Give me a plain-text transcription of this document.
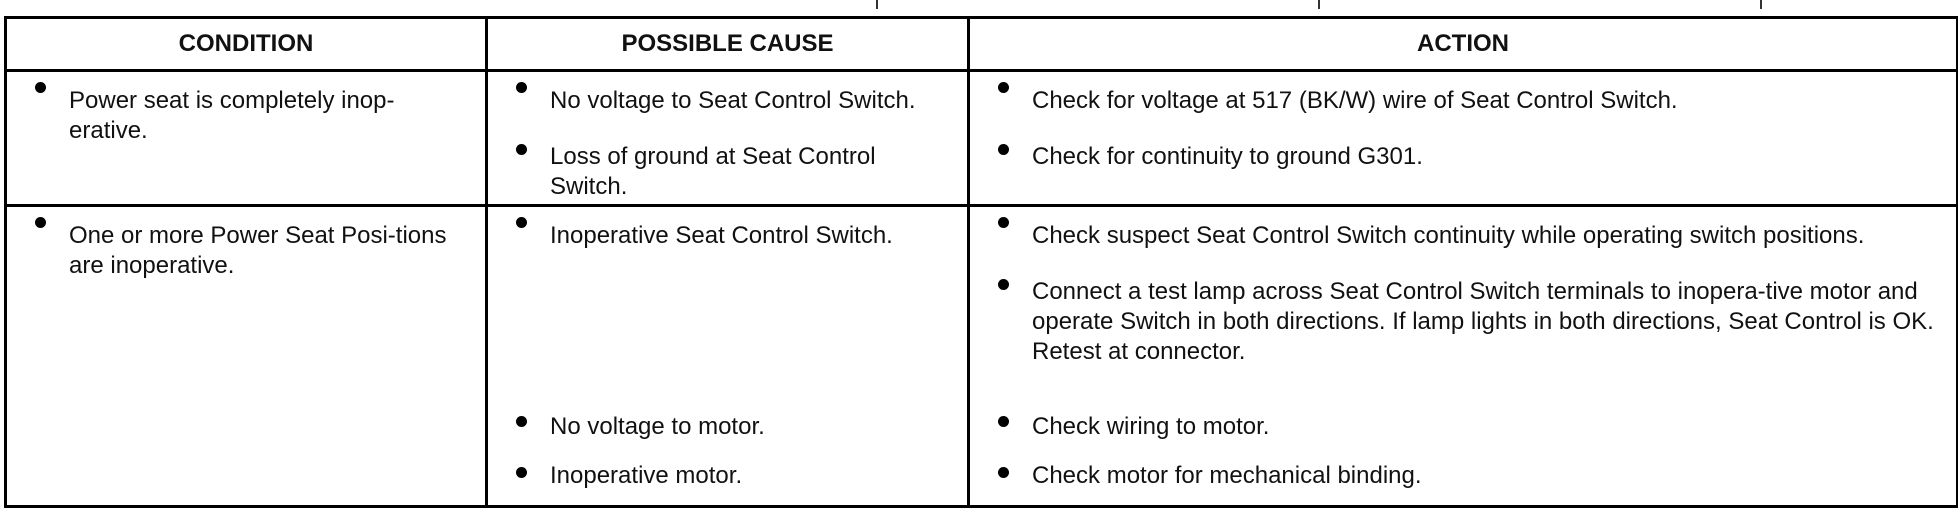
CONDITION	POSSIBLE CAUSE	ACTION

Power seat is completely inop-erative.	No voltage to Seat Control Switch.	Check for voltage at 517 (BK/W) wire of Seat Control Switch.

	Loss of ground at Seat Control Switch.	Check for continuity to ground G301.

One or more Power Seat Posi-tions are inoperative.	Inoperative Seat Control Switch.	Check suspect Seat Control Switch continuity while operating switch positions.

		Connect a test lamp across Seat Control Switch terminals to inopera-tive motor and operate Switch in both directions. If lamp lights in both directions, Seat Control is OK. Retest at connector.

	No voltage to motor.	Check wiring to motor.

	Inoperative motor.	Check motor for mechanical binding.
